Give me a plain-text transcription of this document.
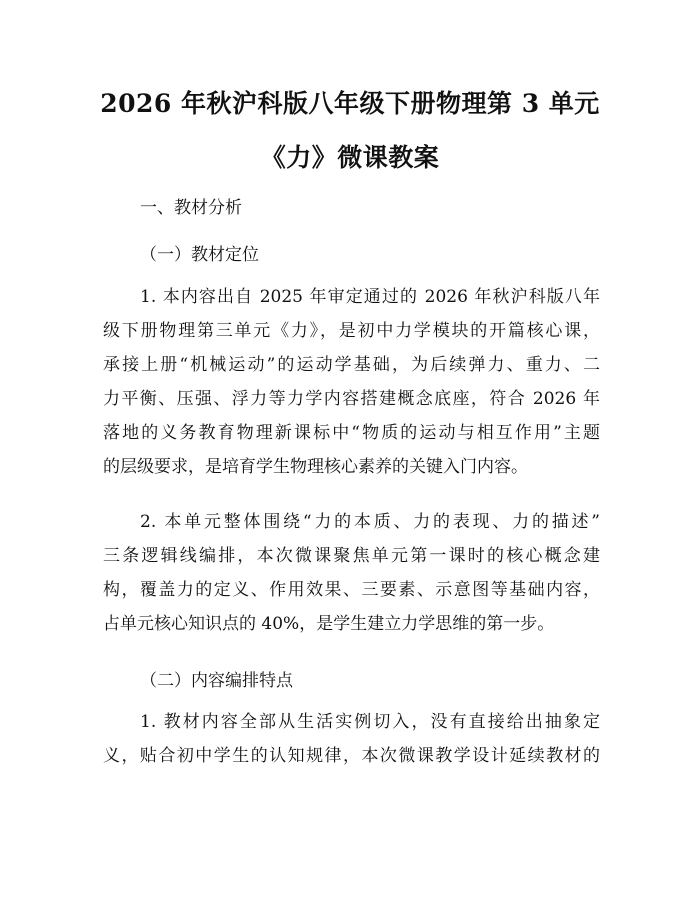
2026 年秋沪科版八年级下册物理第 3 单元
《力》微课教案
一、教材分析
（一）教材定位
1. 本内容出自 2025 年审定通过的 2026 年秋沪科版八年
级下册物理第三单元《力》，是初中力学模块的开篇核心课，
承接上册“机械运动”的运动学基础，为后续弹力、重力、二
力平衡、压强、浮力等力学内容搭建概念底座，符合 2026 年
落地的义务教育物理新课标中“物质的运动与相互作用”主题
的层级要求，是培育学生物理核心素养的关键入门内容。
2. 本单元整体围绕“力的本质、力的表现、力的描述”
三条逻辑线编排，本次微课聚焦单元第一课时的核心概念建
构，覆盖力的定义、作用效果、三要素、示意图等基础内容，
占单元核心知识点的 40%，是学生建立力学思维的第一步。
（二）内容编排特点
1. 教材内容全部从生活实例切入，没有直接给出抽象定
义，贴合初中学生的认知规律，本次微课教学设计延续教材的
